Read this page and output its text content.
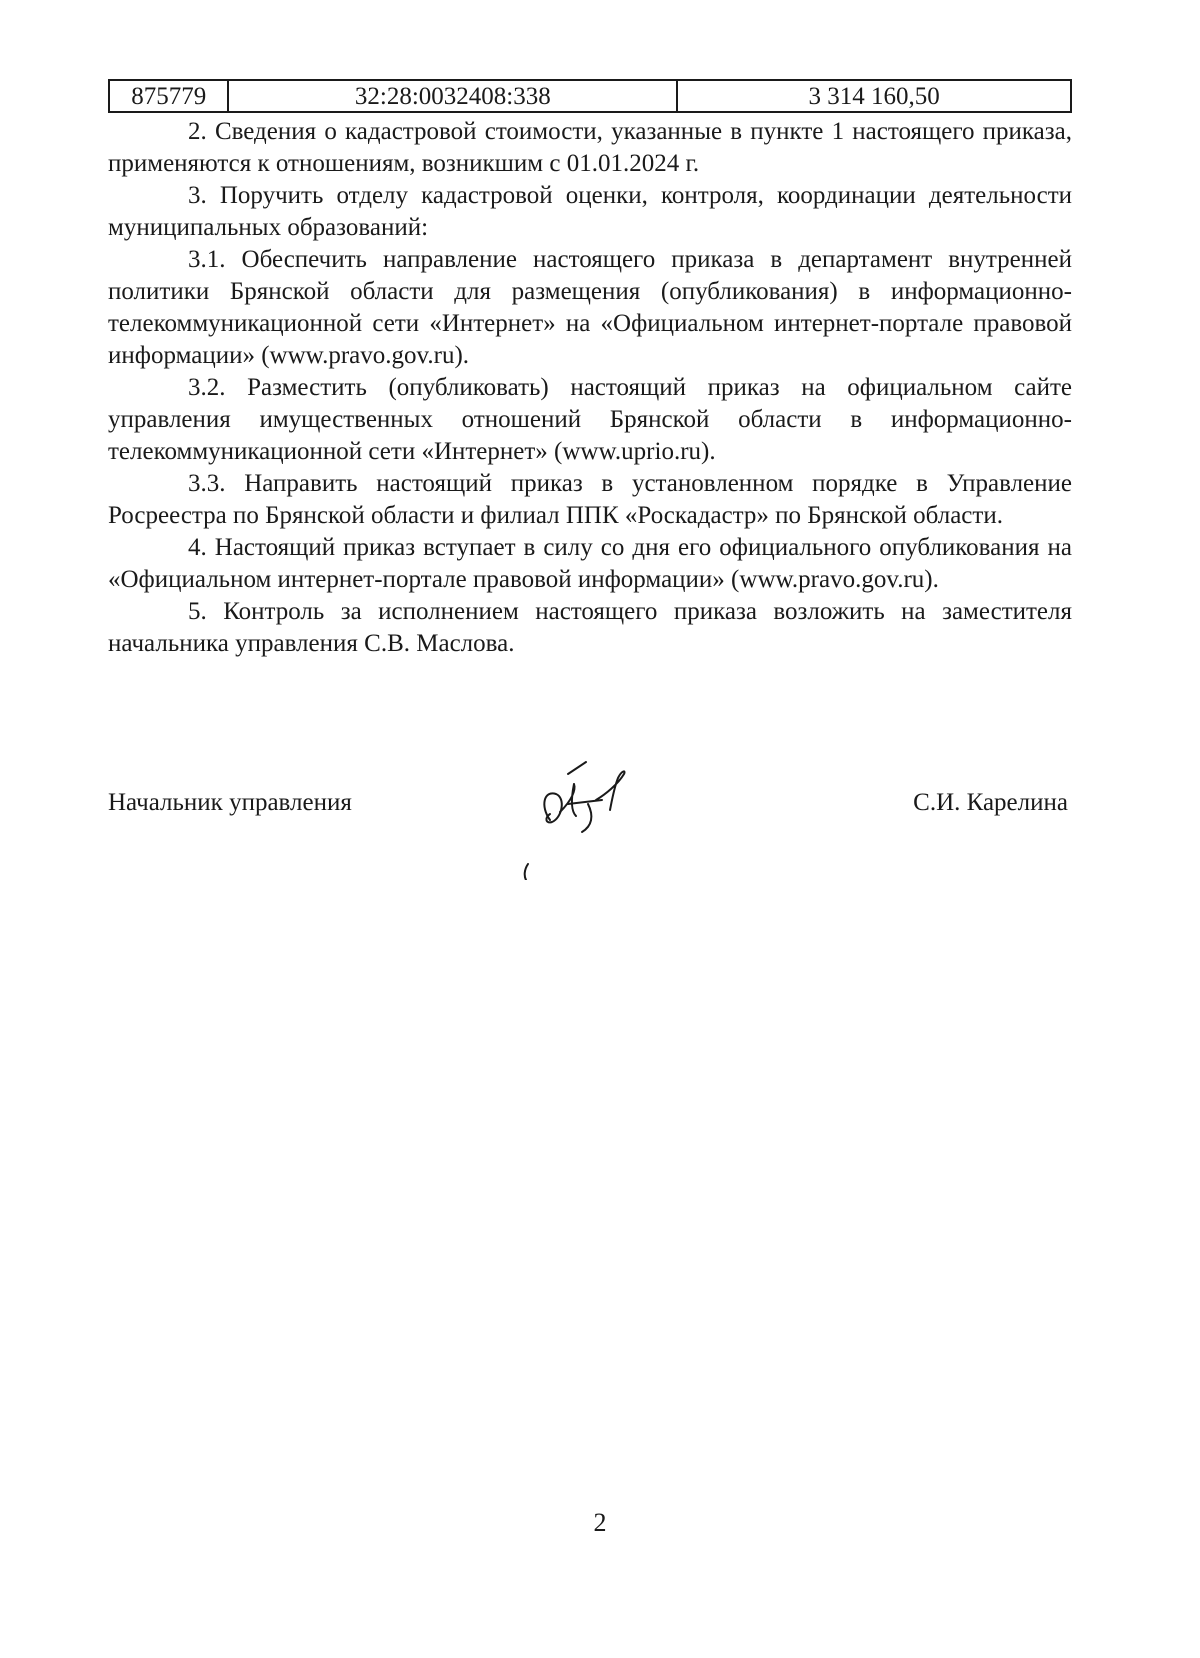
875779	32:28:0032408:338	3 314 160,50

2. Сведения о кадастровой стоимости, указанные в пункте 1 настоящего приказа, применяются к отношениям, возникшим с 01.01.2024 г.

3. Поручить отделу кадастровой оценки, контроля, координации деятельности муниципальных образований:

3.1. Обеспечить направление настоящего приказа в департамент внутренней политики Брянской области для размещения (опубликования) в информационно-телекоммуникационной сети «Интернет» на «Официальном интернет-портале правовой информации» (www.pravo.gov.ru).

3.2. Разместить (опубликовать) настоящий приказ на официальном сайте управления имущественных отношений Брянской области в информационно-телекоммуникационной сети «Интернет» (www.uprio.ru).

3.3. Направить настоящий приказ в установленном порядке в Управление Росреестра по Брянской области и филиал ППК «Роскадастр» по Брянской области.

4. Настоящий приказ вступает в силу со дня его официального опубликования на «Официальном интернет-портале правовой информации» (www.pravo.gov.ru).

5. Контроль за исполнением настоящего приказа возложить на заместителя начальника управления С.В. Маслова.

Начальник управления	С.И. Карелина
2
